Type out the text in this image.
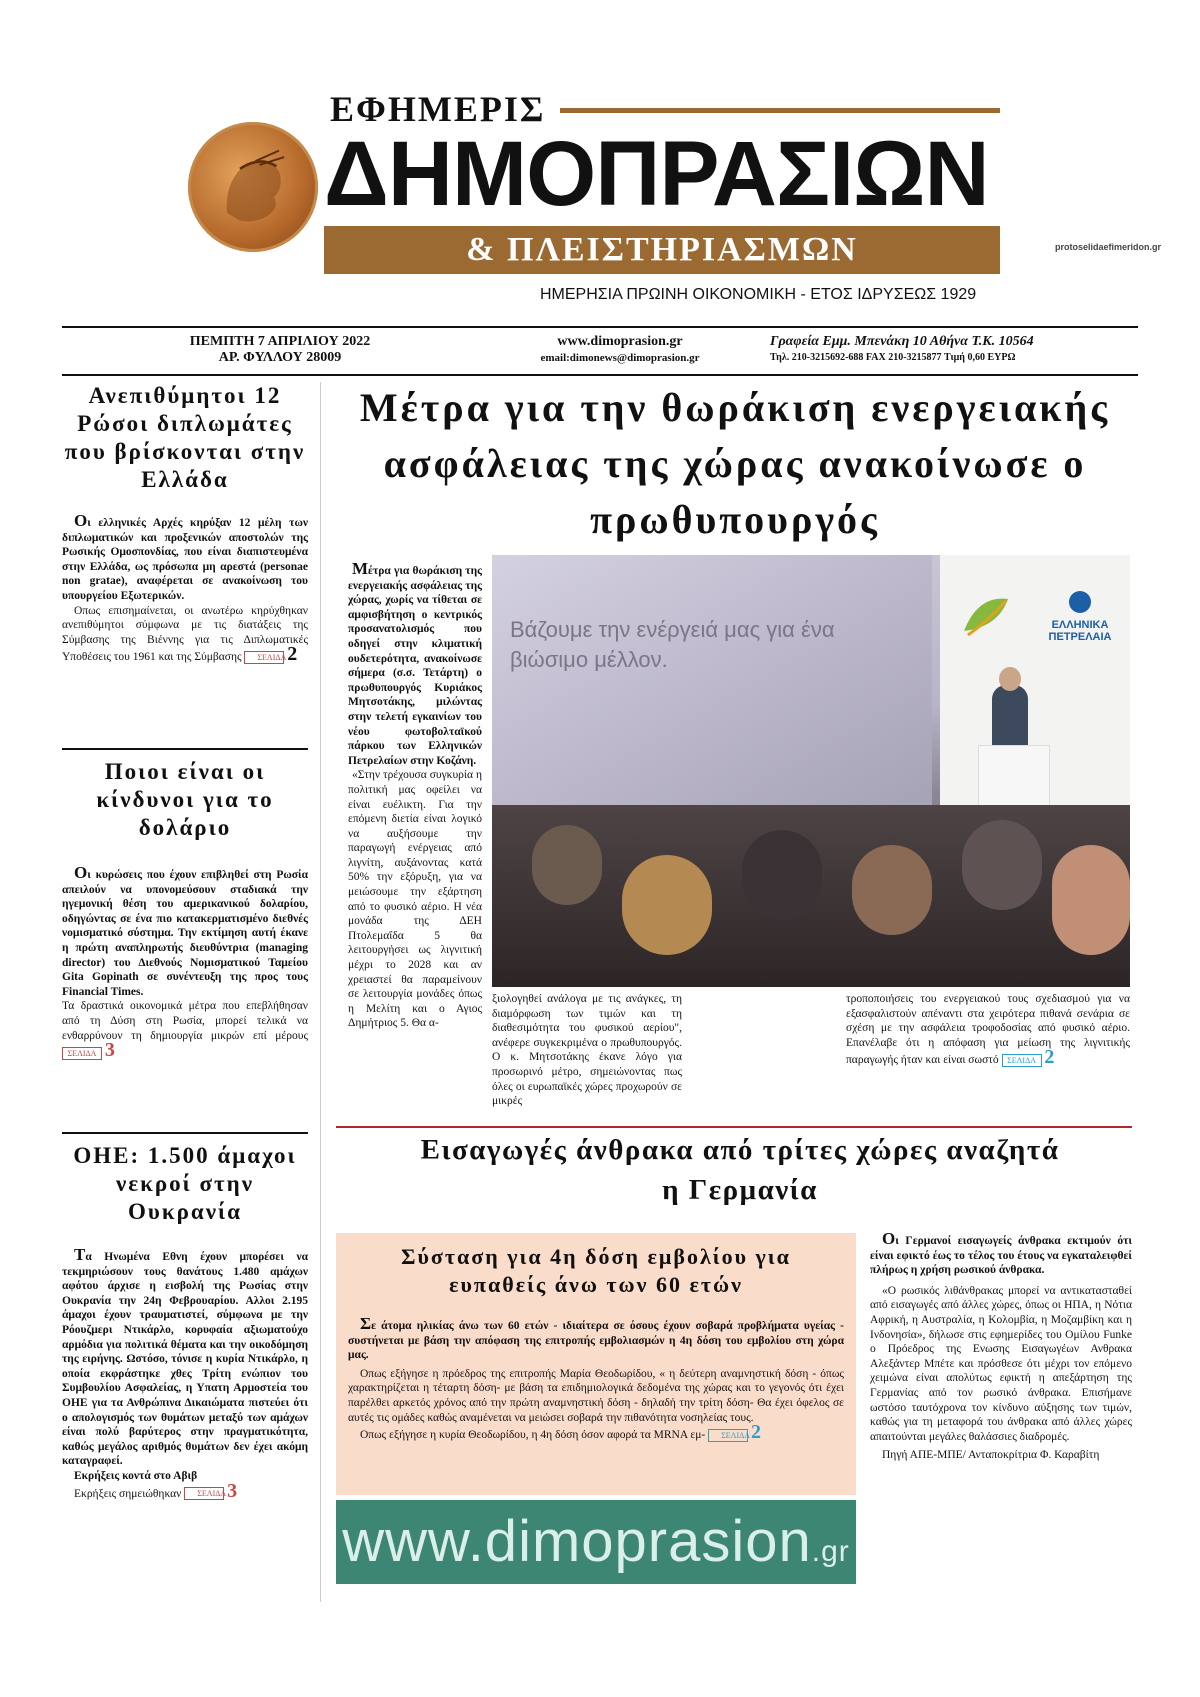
ΕΦΗΜΕΡΙΣ
ΔΗΜΟΠΡΑΣΙΩΝ
& ΠΛΕΙΣΤΗΡΙΑΣΜΩΝ
ΗΜΕΡΗΣΙΑ ΠΡΩΙΝΗ ΟΙΚΟΝΟΜΙΚΗ - ΕΤΟΣ ΙΔΡΥΣΕΩΣ 1929
protoselidaefimeridon.gr
ΠΕΜΠΤΗ 7 ΑΠΡΙΛΙΟΥ 2022
ΑΡ. ΦΥΛΛΟΥ 28009
www.dimoprasion.gr
email:dimonews@dimoprasion.gr
Γραφεία Εμμ. Μπενάκη 10 Αθήνα Τ.Κ. 10564
Τηλ. 210-3215692-688 FAX 210-3215877 Τιμή 0,60 ΕΥΡΩ
Ανεπιθύμητοι 12 Ρώσοι διπλωμάτες που βρίσκονται στην Ελλάδα

Οι ελληνικές Αρχές κηρύξαν 12 μέλη των διπλωματικών και προξενικών αποστολών της Ρωσικής Ομοσπονδίας, που είναι διαπιστευμένα στην Ελλάδα, ως πρόσωπα μη αρεστά (personae non gratae), αναφέρεται σε ανακοίνωση του υπουργείου Εξωτερικών.

Οπως επισημαίνεται, οι ανωτέρω κηρύχθηκαν ανεπιθύμητοι σύμφωνα με τις διατάξεις της Σύμβασης της Βιέννης για τις Διπλωματικές Υποθέσεις του 1961 και της Σύμβασης ΣΕΛΙΔΑ 2

Ποιοι είναι οι κίνδυνοι για το δολάριο

Οι κυρώσεις που έχουν επιβληθεί στη Ρωσία απειλούν να υπονομεύσουν σταδιακά την ηγεμονική θέση του αμερικανικού δολαρίου, οδηγώντας σε ένα πιο κατακερματισμένο διεθνές νομισματικό σύστημα. Την εκτίμηση αυτή έκανε η πρώτη αναπληρωτής διευθύντρια (managing director) του Διεθνούς Νομισματικού Ταμείου Gita Gopinath σε συνέντευξη της προς τους Financial Times.

Τα δραστικά οικονομικά μέτρα που επεβλήθησαν από τη Δύση στη Ρωσία, μπορεί τελικά να ενθαρρύνουν τη δημιουργία μικρών επί μέρους ΣΕΛΙΔΑ 3

ΟΗΕ: 1.500 άμαχοι νεκροί στην Ουκρανία

Τα Ηνωμένα Εθνη έχουν μπορέσει να τεκμηριώσουν τους θανάτους 1.480 αμάχων αφότου άρχισε η εισβολή της Ρωσίας στην Ουκρανία την 24η Φεβρουαρίου. Αλλοι 2.195 άμαχοι έχουν τραυματιστεί, σύμφωνα με την Ρόουζμερι Ντικάρλο, κορυφαία αξιωματούχο αρμόδια για πολιτικά θέματα και την οικοδόμηση της ειρήνης. Ωστόσο, τόνισε η κυρία Ντικάρλο, η οποία εκφράστηκε χθες Τρίτη ενώπιον του Συμβουλίου Ασφαλείας, η Υπατη Αρμοστεία του ΟΗΕ για τα Ανθρώπινα Δικαιώματα πιστεύει ότι ο απολογισμός των θυμάτων μεταξύ των αμάχων είναι πολύ βαρύτερος στην πραγματικότητα, καθώς μεγάλος αριθμός θυμάτων δεν έχει ακόμη καταγραφεί.

Εκρήξεις κοντά στο Αβιβ

Εκρήξεις σημειώθηκαν ΣΕΛΙΔΑ 3

Μέτρα για την θωράκιση ενεργειακής ασφάλειας της χώρας ανακοίνωσε ο πρωθυπουργός

Μέτρα για θωράκιση της ενεργειακής ασφάλειας της χώρας, χωρίς να τίθεται σε αμφισβήτηση ο κεντρικός προσανατολισμός που οδηγεί στην κλιματική ουδετερότητα, ανακοίνωσε σήμερα (σ.σ. Τετάρτη) ο πρωθυπουργός Κυριάκος Μητσοτάκης, μιλώντας στην τελετή εγκαινίων του νέου φωτοβολταϊκού πάρκου των Ελληνικών Πετρελαίων στην Κοζάνη.

«Στην τρέχουσα συγκυρία η πολιτική μας οφείλει να είναι ευέλικτη. Για την επόμενη διετία είναι λογικό να αυξήσουμε την παραγωγή ενέργειας από λιγνίτη, αυξάνοντας κατά 50% την εξόρυξη, για να μειώσουμε την εξάρτηση από το φυσικό αέριο. Η νέα μονάδα της ΔΕΗ Πτολεμαΐδα 5 θα λειτουργήσει ως λιγνιτική μέχρι το 2028 και αν χρειαστεί θα παραμείνουν σε λειτουργία μονάδες όπως η Μελίτη και ο Αγιος Δημήτριος 5. Θα α-

Βάζουμε την ενέργειά μας για ένα βιώσιμο μέλλον.
ΕΛΛΗΝΙΚΑ ΠΕΤΡΕΛΑΙΑ

ξιολογηθεί ανάλογα με τις ανάγκες, τη διαμόρφωση των τιμών και τη διαθεσιμότητα του φυσικού αερίου", ανέφερε συγκεκριμένα ο πρωθυπουργός. Ο κ. Μητσοτάκης έκανε λόγο για προσωρινό μέτρο, σημειώνοντας πως όλες οι ευρωπαϊκές χώρες προχωρούν σε μικρές

τροποποιήσεις του ενεργειακού τους σχεδιασμού για να εξασφαλιστούν απέναντι στα χειρότερα πιθανά σενάρια σε σχέση με την ασφάλεια τροφοδοσίας από φυσικό αέριο. Επανέλαβε ότι η απόφαση για μείωση της λιγνιτικής παραγωγής ήταν και είναι σωστό ΣΕΛΙΔΑ 2

Εισαγωγές άνθρακα από τρίτες χώρες αναζητά η Γερμανία

Οι Γερμανοί εισαγωγείς άνθρακα εκτιμούν ότι είναι εφικτό έως το τέλος του έτους να εγκαταλειφθεί πλήρως η χρήση ρωσικού άνθρακα.

«Ο ρωσικός λιθάνθρακας μπορεί να αντικατασταθεί από εισαγωγές από άλλες χώρες, όπως οι ΗΠΑ, η Νότια Αφρική, η Αυστραλία, η Κολομβία, η Μοζαμβίκη και η Ινδονησία», δήλωσε στις εφημερίδες του Ομίλου Funke ο Πρόεδρος της Ενωσης Εισαγωγέων Ανθρακα Αλεξάντερ Μπέτε και πρόσθεσε ότι μέχρι τον επόμενο χειμώνα είναι απολύτως εφικτή η απεξάρτηση της Γερμανίας από τον ρωσικό άνθρακα. Επισήμανε ωστόσο ταυτόχρονα τον κίνδυνο αύξησης των τιμών, καθώς για τη μεταφορά του άνθρακα από άλλες χώρες απαιτούνται μεγάλες θαλάσσιες διαδρομές.

Πηγή ΑΠΕ-ΜΠΕ/ Ανταποκρίτρια Φ. Καραβίτη

Σύσταση για 4η δόση εμβολίου για ευπαθείς άνω των 60 ετών

Σε άτομα ηλικίας άνω των 60 ετών - ιδιαίτερα σε όσους έχουν σοβαρά προβλήματα υγείας - συστήνεται με βάση την απόφαση της επιτροπής εμβολιασμών η 4η δόση του εμβολίου στη χώρα μας.

Οπως εξήγησε η πρόεδρος της επιτροπής Μαρία Θεοδωρίδου, « η δεύτερη αναμνηστική δόση - όπως χαρακτηρίζεται η τέταρτη δόση- με βάση τα επιδημιολογικά δεδομένα της χώρας και το γεγονός ότι έχει παρέλθει αρκετός χρόνος από την πρώτη αναμνηστική δόση - δηλαδή την τρίτη δόση- Θα έχει όφελος σε αυτές τις ομάδες καθώς αναμένεται να μειώσει σοβαρά την πιθανότητα νοσηλείας τους.

Οπως εξήγησε η κυρία Θεοδωρίδου, η 4η δόση όσον αφορά τα MRNA εμ- ΣΕΛΙΔΑ 2

www.dimoprasion.gr
